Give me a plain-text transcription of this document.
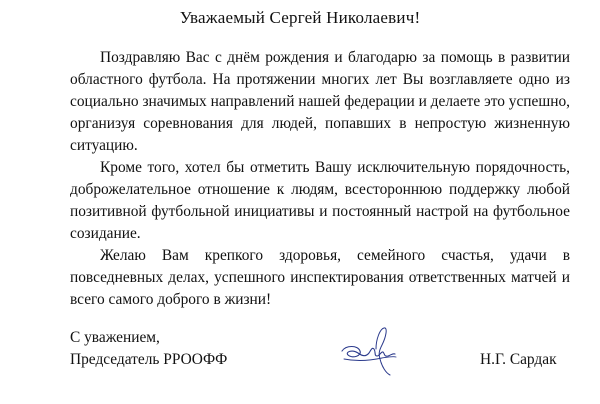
Уважаемый Сергей Николаевич!

Поздравляю Вас с днём рождения и благодарю за помощь в развитии областного футбола. На протяжении многих лет Вы возглавляете одно из социально значимых направлений нашей федерации и делаете это успешно, организуя соревнования для людей, попавших в непростую жизненную ситуацию.

Кроме того, хотел бы отметить Вашу исключительную порядочность, доброжелательное отношение к людям, всестороннюю поддержку любой позитивной футбольной инициативы и постоянный настрой на футбольное созидание.

Желаю Вам крепкого здоровья, семейного счастья, удачи в повседневных делах, успешного инспектирования ответственных матчей и всего самого доброго в жизни!

С уважением,
Председатель РРООФФ	Н.Г. Сардак
